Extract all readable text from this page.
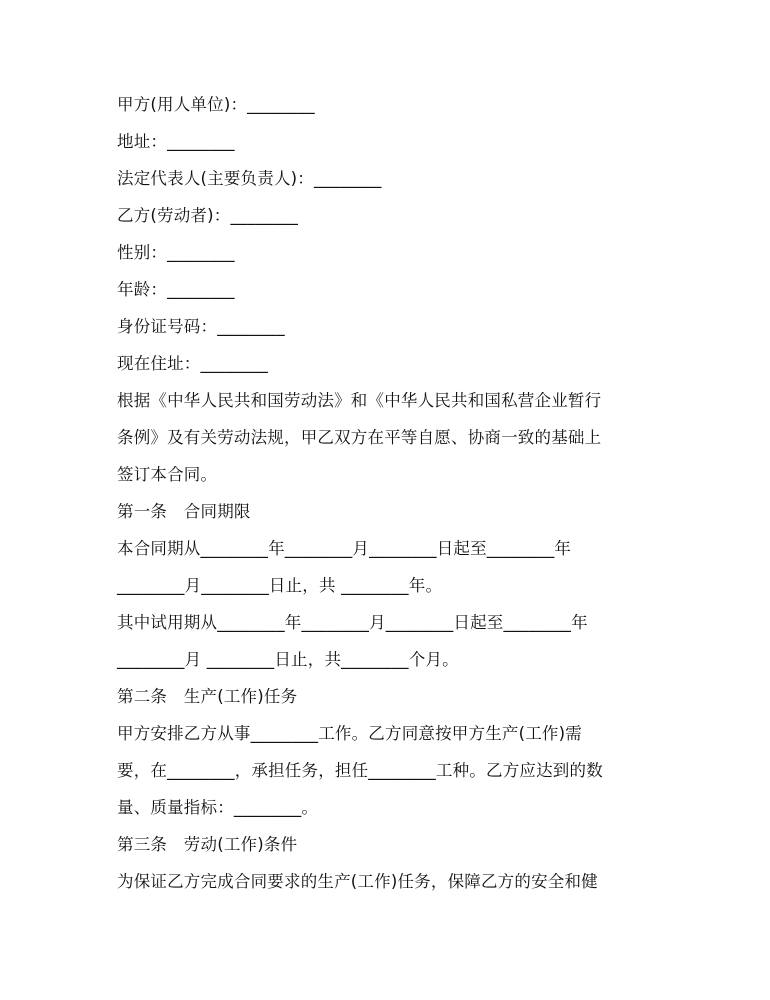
甲方(用人单位)：________
地址：________
法定代表人(主要负责人)：________
乙方(劳动者)：________
性别：________
年龄：________
身份证号码：________
现在住址：________
根据《中华人民共和国劳动法》和《中华人民共和国私营企业暂行
条例》及有关劳动法规，甲乙双方在平等自愿、协商一致的基础上
签订本合同。
第一条　合同期限
本合同期从________年________月________日起至________年
________月________日止，共 ________年。
其中试用期从________年________月________日起至________年
________月 ________日止，共________个月。
第二条　生产(工作)任务
甲方安排乙方从事________工作。乙方同意按甲方生产(工作)需
要，在________，承担任务，担任________工种。乙方应达到的数
量、质量指标：________。
第三条　劳动(工作)条件
为保证乙方完成合同要求的生产(工作)任务，保障乙方的安全和健
